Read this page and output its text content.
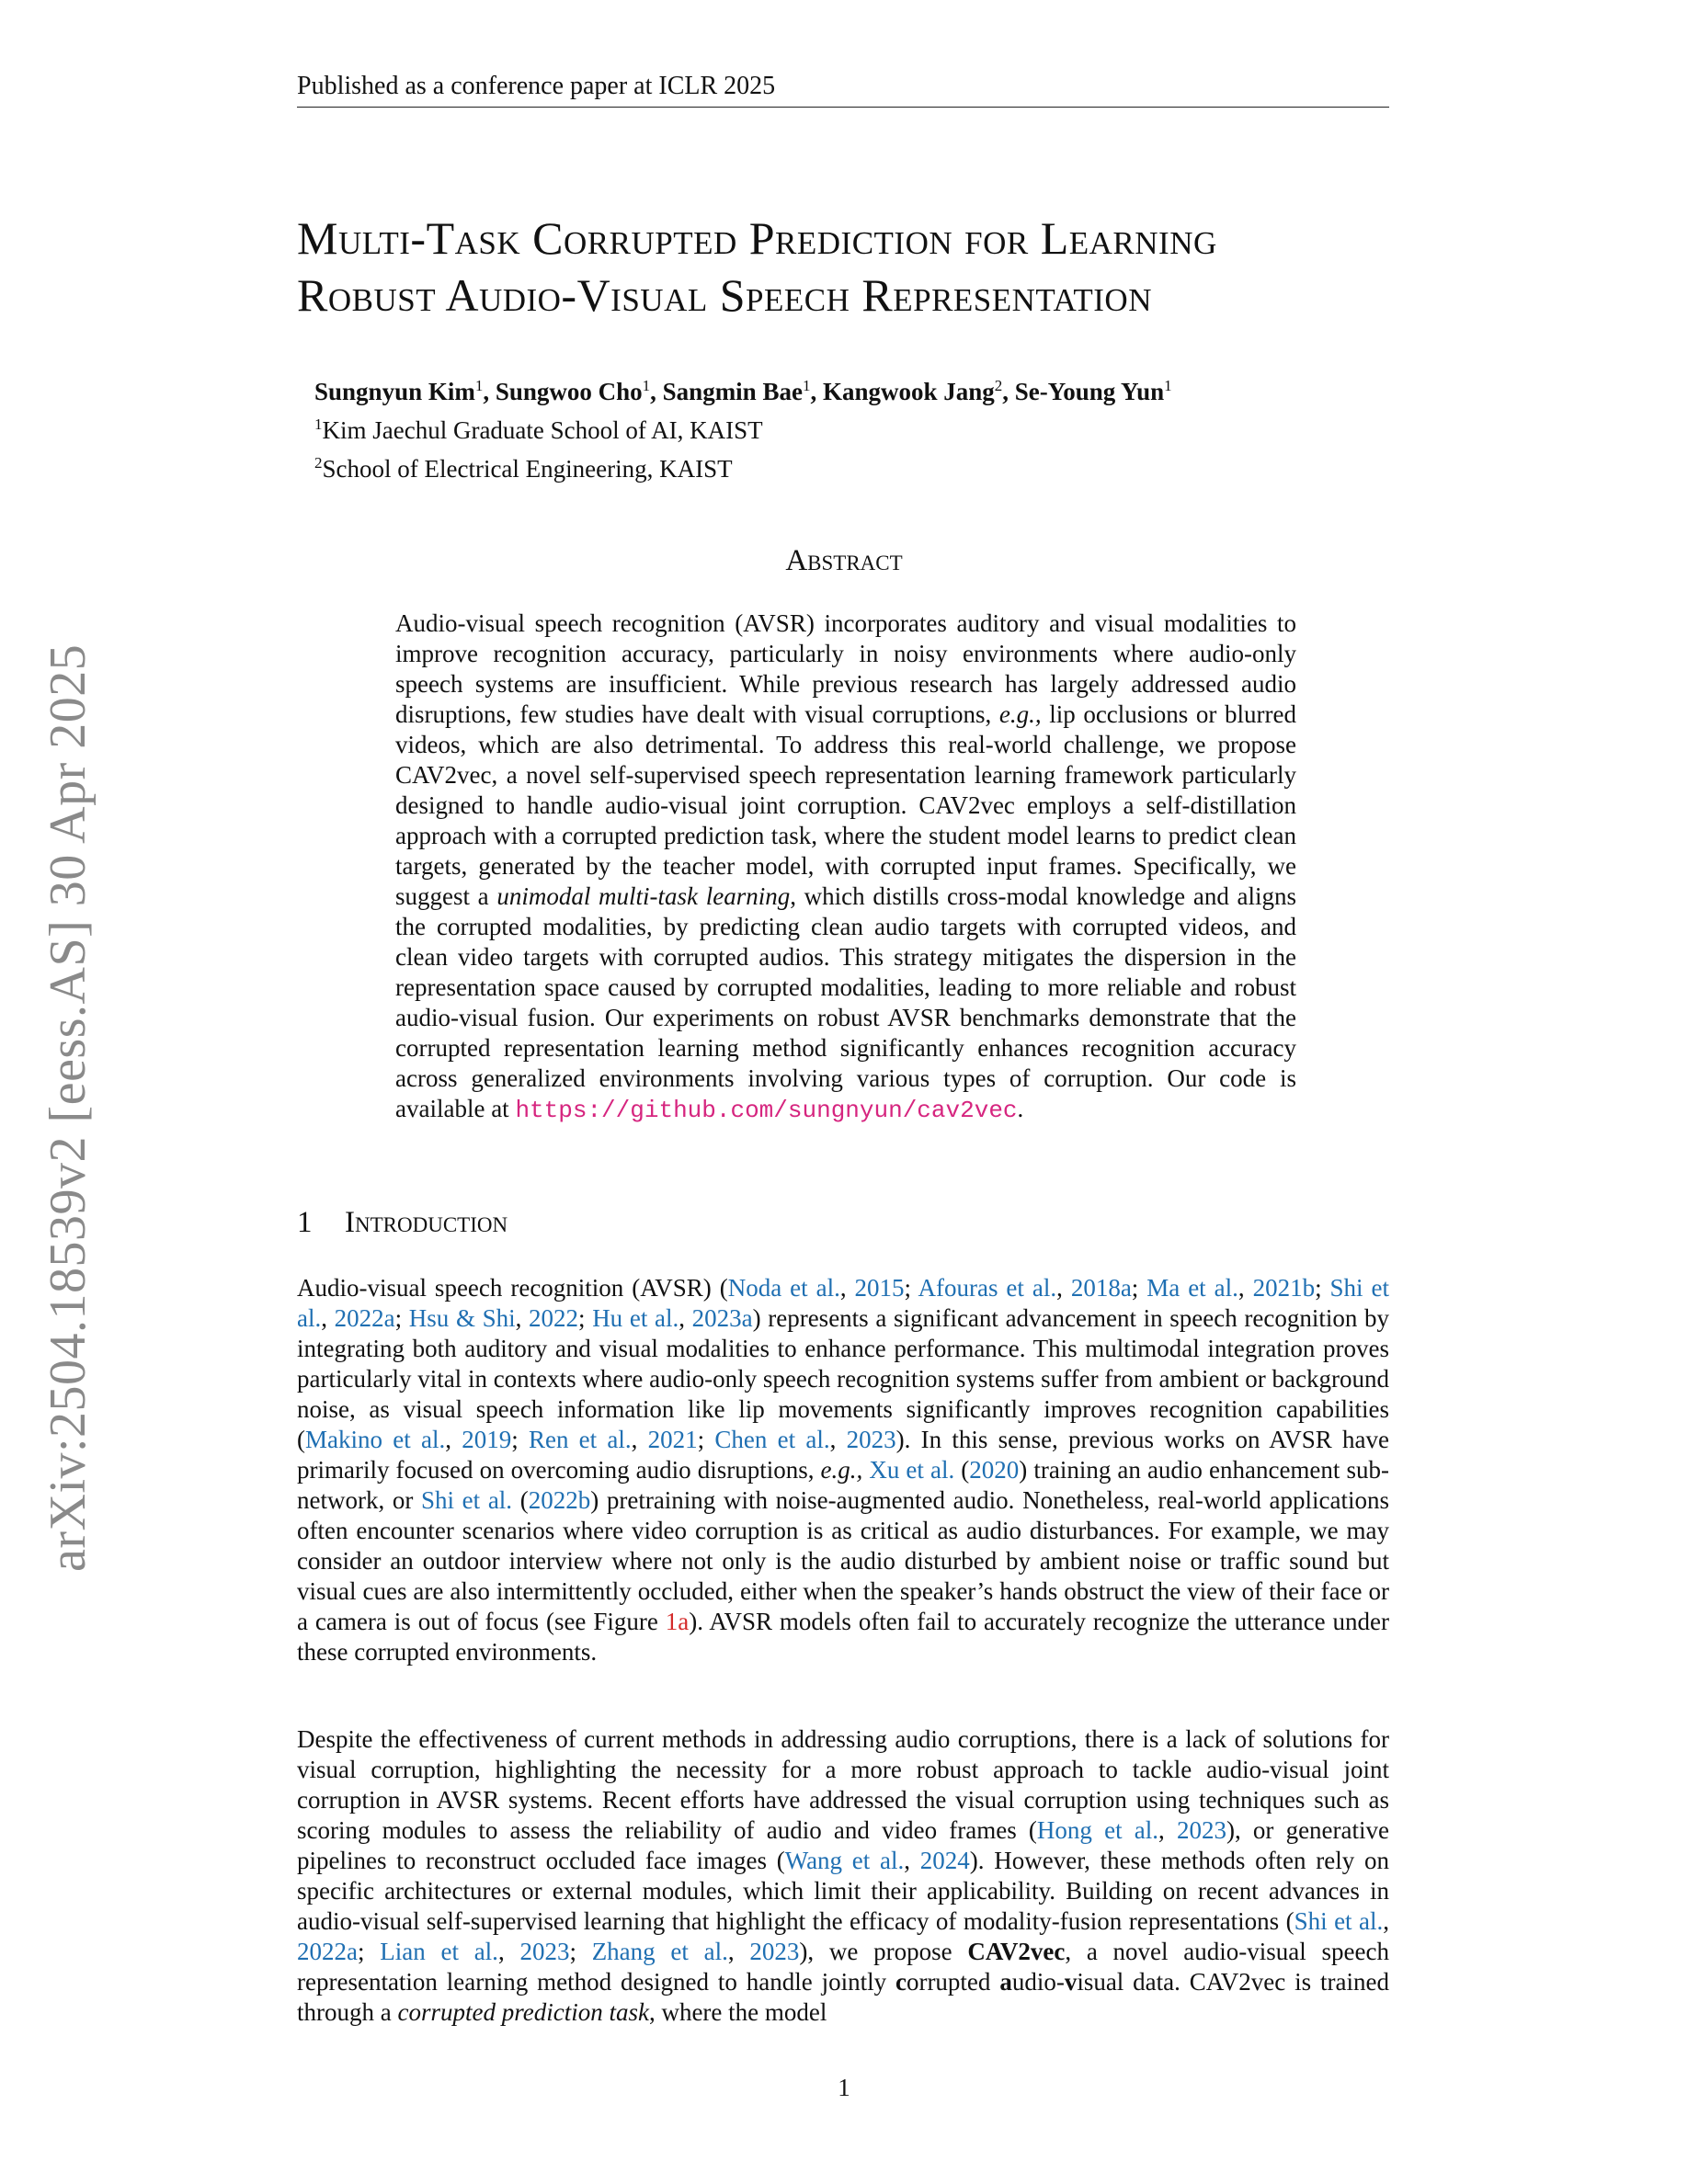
Published as a conference paper at ICLR 2025
Multi-Task Corrupted Prediction for Learning
Robust Audio-Visual Speech Representation
Sungnyun Kim$^1$, Sungwoo Cho$^1$, Sangmin Bae$^1$, Kangwook Jang$^2$, Se-Young Yun$^1$
$^1$Kim Jaechul Graduate School of AI, KAIST
$^2$School of Electrical Engineering, KAIST
Abstract
Audio-visual speech recognition (AVSR) incorporates auditory and visual modalities to improve recognition accuracy, particularly in noisy environments where audio-only speech systems are insufficient. While previous research has largely addressed audio disruptions, few studies have dealt with visual corruptions, e.g., lip occlusions or blurred videos, which are also detrimental. To address this real-world challenge, we propose CAV2vec, a novel self-supervised speech representation learning framework particularly designed to handle audio-visual joint corruption. CAV2vec employs a self-distillation approach with a corrupted prediction task, where the student model learns to predict clean targets, generated by the teacher model, with corrupted input frames. Specifically, we suggest a unimodal multi-task learning, which distills cross-modal knowledge and aligns the corrupted modalities, by predicting clean audio targets with corrupted videos, and clean video targets with corrupted audios. This strategy mitigates the dispersion in the representation space caused by corrupted modalities, leading to more reliable and robust audio-visual fusion. Our experiments on robust AVSR benchmarks demonstrate that the corrupted representation learning method significantly enhances recognition accuracy across generalized environments involving various types of corruption. Our code is available at https://github.com/sungnyun/cav2vec.
1 Introduction
Audio-visual speech recognition (AVSR) (Noda et al., 2015; Afouras et al., 2018a; Ma et al., 2021b; Shi et al., 2022a; Hsu & Shi, 2022; Hu et al., 2023a) represents a significant advancement in speech recognition by integrating both auditory and visual modalities to enhance performance. This multimodal integration proves particularly vital in contexts where audio-only speech recognition systems suffer from ambient or background noise, as visual speech information like lip movements significantly improves recognition capabilities (Makino et al., 2019; Ren et al., 2021; Chen et al., 2023). In this sense, previous works on AVSR have primarily focused on overcoming audio disruptions, e.g., Xu et al. (2020) training an audio enhancement sub-network, or Shi et al. (2022b) pretraining with noise-augmented audio. Nonetheless, real-world applications often encounter scenarios where video corruption is as critical as audio disturbances. For example, we may consider an outdoor interview where not only is the audio disturbed by ambient noise or traffic sound but visual cues are also intermittently occluded, either when the speaker’s hands obstruct the view of their face or a camera is out of focus (see Figure 1a). AVSR models often fail to accurately recognize the utterance under these corrupted environments.
Despite the effectiveness of current methods in addressing audio corruptions, there is a lack of solutions for visual corruption, highlighting the necessity for a more robust approach to tackle audio-visual joint corruption in AVSR systems. Recent efforts have addressed the visual corruption using techniques such as scoring modules to assess the reliability of audio and video frames (Hong et al., 2023), or generative pipelines to reconstruct occluded face images (Wang et al., 2024). However, these methods often rely on specific architectures or external modules, which limit their applicability. Building on recent advances in audio-visual self-supervised learning that highlight the efficacy of modality-fusion representations (Shi et al., 2022a; Lian et al., 2023; Zhang et al., 2023), we propose CAV2vec, a novel audio-visual speech representation learning method designed to handle jointly corrupted audio-visual data. CAV2vec is trained through a corrupted prediction task, where the model
1
arXiv:2504.18539v2 [eess.AS] 30 Apr 2025
